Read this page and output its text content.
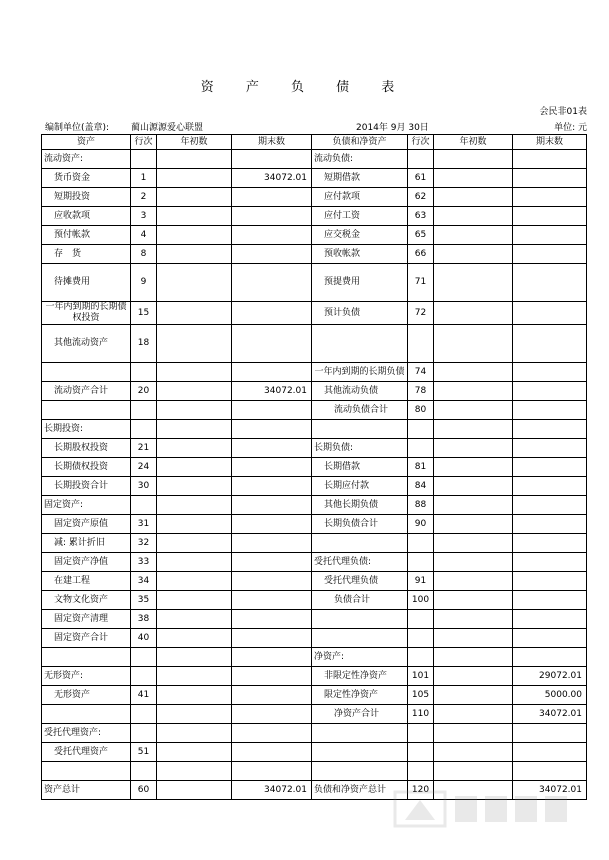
资 产 负 债 表
会民非01表
编制单位(盖章): 蔺山源源爱心联盟	2014年 9月 30日	单位: 元
资产	行次	年初数	期末数	负债和净资产	行次	年初数	期末数
流动资产:				流动负债:			
货币资金	1		34072.01	短期借款	61		
短期投资	2			应付款项	62		
应收款项	3			应付工资	63		
预付帐款	4			应交税金	65		
存　货	8			预收帐款	66		
待摊费用	9			预提费用	71		
一年内到期的长期债权投资	15			预计负债	72		
其他流动资产	18						
				一年内到期的长期负债	74		
流动资产合计	20		34072.01	其他流动负债	78		
				流动负债合计	80		
长期投资:							
长期股权投资	21			长期负债:			
长期债权投资	24			长期借款	81		
长期投资合计	30			长期应付款	84		
固定资产:				其他长期负债	88		
固定资产原值	31			长期负债合计	90		
减: 累计折旧	32						
固定资产净值	33			受托代理负债:			
在建工程	34			受托代理负债	91		
文物文化资产	35			负债合计	100		
固定资产清理	38						
固定资产合计	40						
				净资产:			
无形资产:				非限定性净资产	101		29072.01
无形资产	41			限定性净资产	105		5000.00
				净资产合计	110		34072.01
受托代理资产:							
受托代理资产	51						

资产总计	60		34072.01	负债和净资产总计	120		34072.01
